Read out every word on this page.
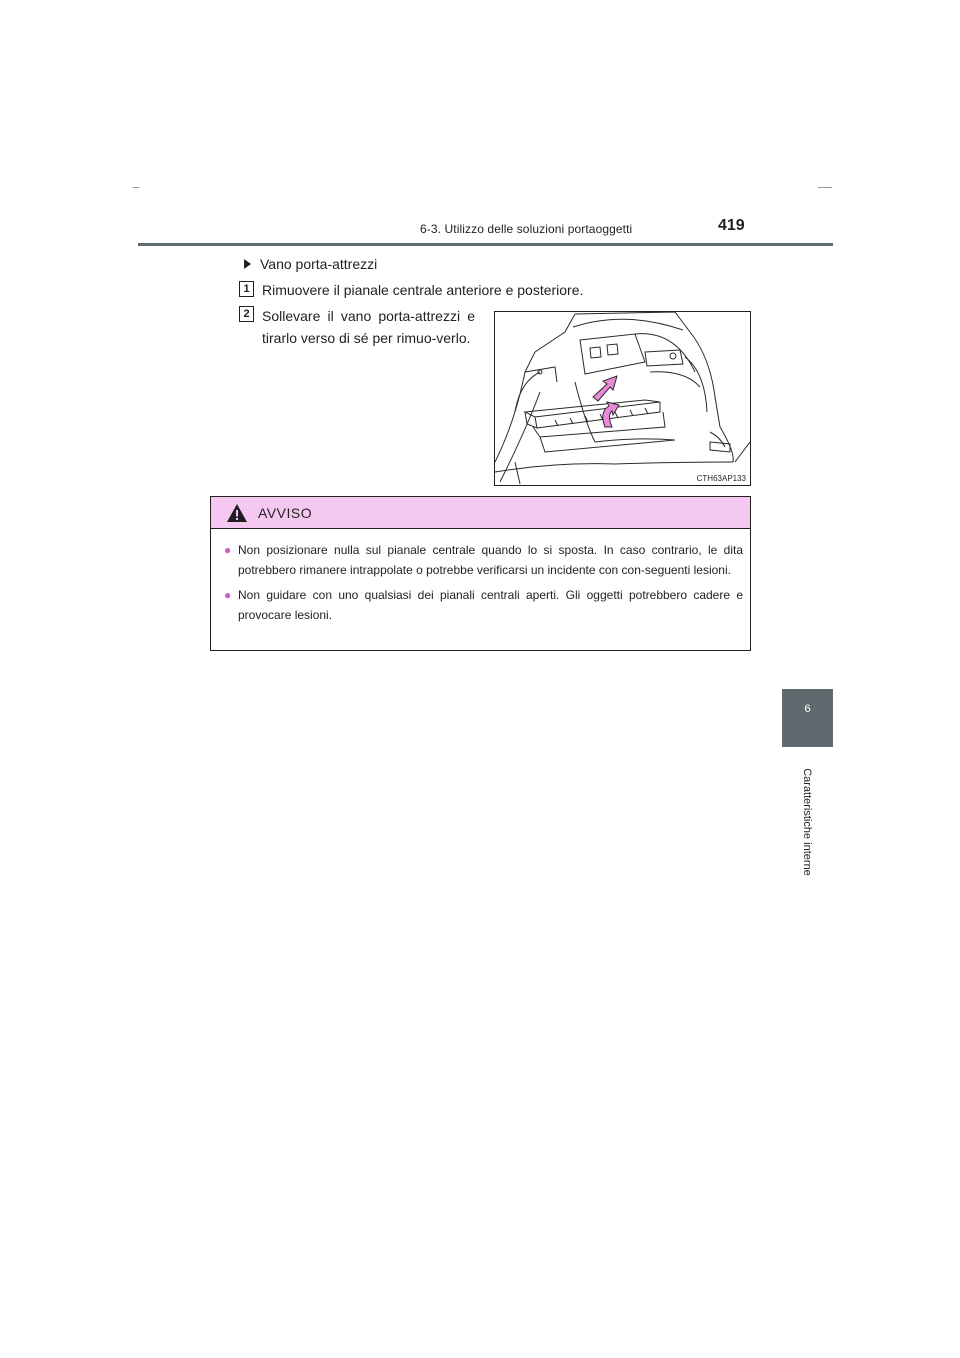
6-3. Utilizzo delle soluzioni portaoggetti	419
6
Caratteristiche interne
Vano porta-attrezzi
1 Rimuovere il pianale centrale anteriore e posteriore.
2 Sollevare il vano porta-attrezzi e tirarlo verso di sé per rimuo-verlo.
CTH63AP133
AVVISO
● Non posizionare nulla sul pianale centrale quando lo si sposta. In caso contrario, le dita potrebbero rimanere intrappolate o potrebbe verificarsi un incidente con con-seguenti lesioni.
● Non guidare con uno qualsiasi dei pianali centrali aperti. Gli oggetti potrebbero cadere e provocare lesioni.
